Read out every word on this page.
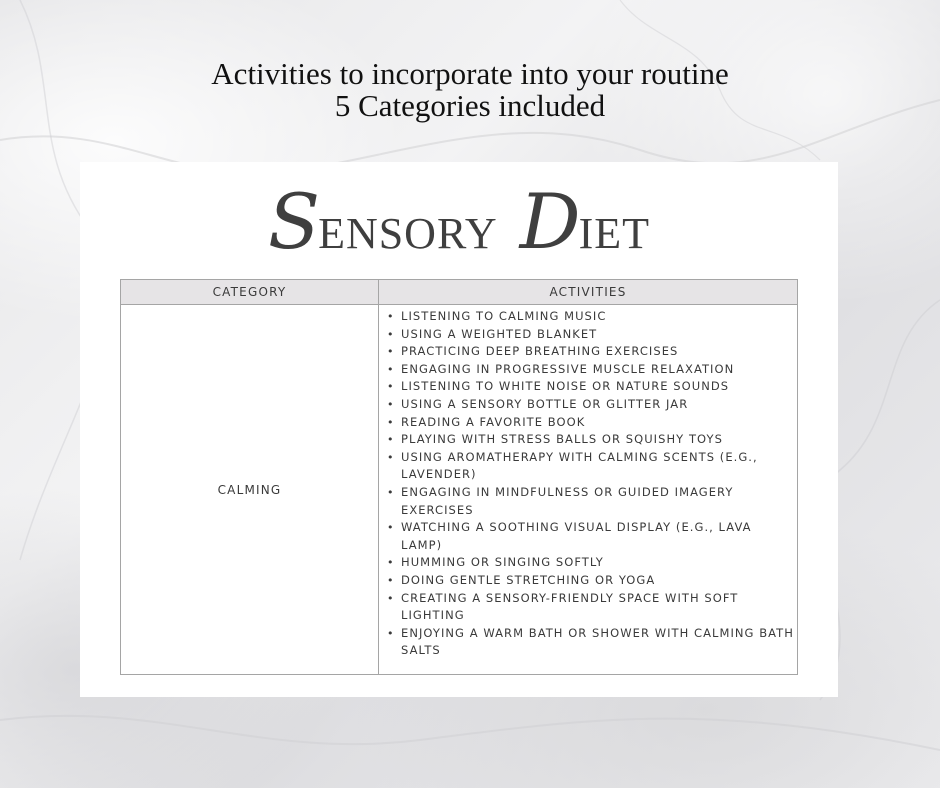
Activities to incorporate into your routine
5 Categories included
SENSORY DIET
CATEGORY	ACTIVITIES
CALMING
• LISTENING TO CALMING MUSIC
• USING A WEIGHTED BLANKET
• PRACTICING DEEP BREATHING EXERCISES
• ENGAGING IN PROGRESSIVE MUSCLE RELAXATION
• LISTENING TO WHITE NOISE OR NATURE SOUNDS
• USING A SENSORY BOTTLE OR GLITTER JAR
• READING A FAVORITE BOOK
• PLAYING WITH STRESS BALLS OR SQUISHY TOYS
• USING AROMATHERAPY WITH CALMING SCENTS (E.G., LAVENDER)
• ENGAGING IN MINDFULNESS OR GUIDED IMAGERY EXERCISES
• WATCHING A SOOTHING VISUAL DISPLAY (E.G., LAVA LAMP)
• HUMMING OR SINGING SOFTLY
• DOING GENTLE STRETCHING OR YOGA
• CREATING A SENSORY-FRIENDLY SPACE WITH SOFT LIGHTING
• ENJOYING A WARM BATH OR SHOWER WITH CALMING BATH SALTS
